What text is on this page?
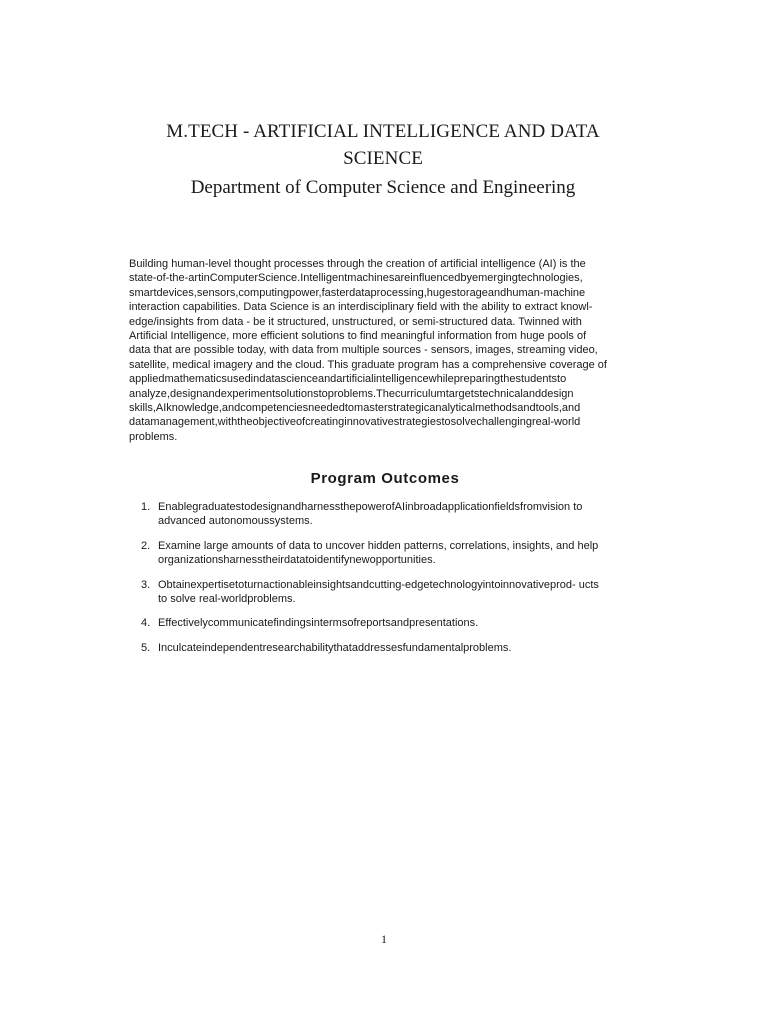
M.TECH - ARTIFICIAL INTELLIGENCE AND DATA

SCIENCE

Department of Computer Science and Engineering

Building human-level thought processes through the creation of artificial intelligence (AI) is the
state-of-the-artinComputerScience.Intelligentmachinesareinfluencedbyemergingtechnologies,
smartdevices,sensors,computingpower,fasterdataprocessing,hugestorageandhuman-machine
interaction capabilities. Data Science is an interdisciplinary field with the ability to extract knowl-
edge/insights from data - be it structured, unstructured, or semi-structured data. Twinned with
Artificial Intelligence, more efficient solutions to find meaningful information from huge pools of
data that are possible today, with data from multiple sources - sensors, images, streaming video,
satellite, medical imagery and the cloud. This graduate program has a comprehensive coverage of
appliedmathematicsusedindatascienceandartificialintelligencewhilepreparingthestudentsto
analyze,designandexperimentsolutionstoproblems.Thecurriculumtargetstechnicalanddesign
skills,AIknowledge,andcompetenciesneededtomasterstrategicanalyticalmethodsandtools,and
datamanagement,withtheobjectiveofcreatinginnovativestrategiestosolvechallengingreal-world
problems.

Program Outcomes
1. EnablegraduatestodesignandharnessthepowerofAIinbroadapplicationfieldsfromvision to
advanced autonomoussystems.
2. Examine large amounts of data to uncover hidden patterns, correlations, insights, and help
organizationsharnesstheirdatatoidentifynewopportunities.
3. Obtainexpertisetoturnactionableinsightsandcutting-edgetechnologyintoinnovativeprod- ucts
to solve real-worldproblems.
4. Effectivelycommunicatefindingsintermsofreportsandpresentations.
5. Inculcateindependentresearchabilitythataddressesfundamentalproblems.
1
